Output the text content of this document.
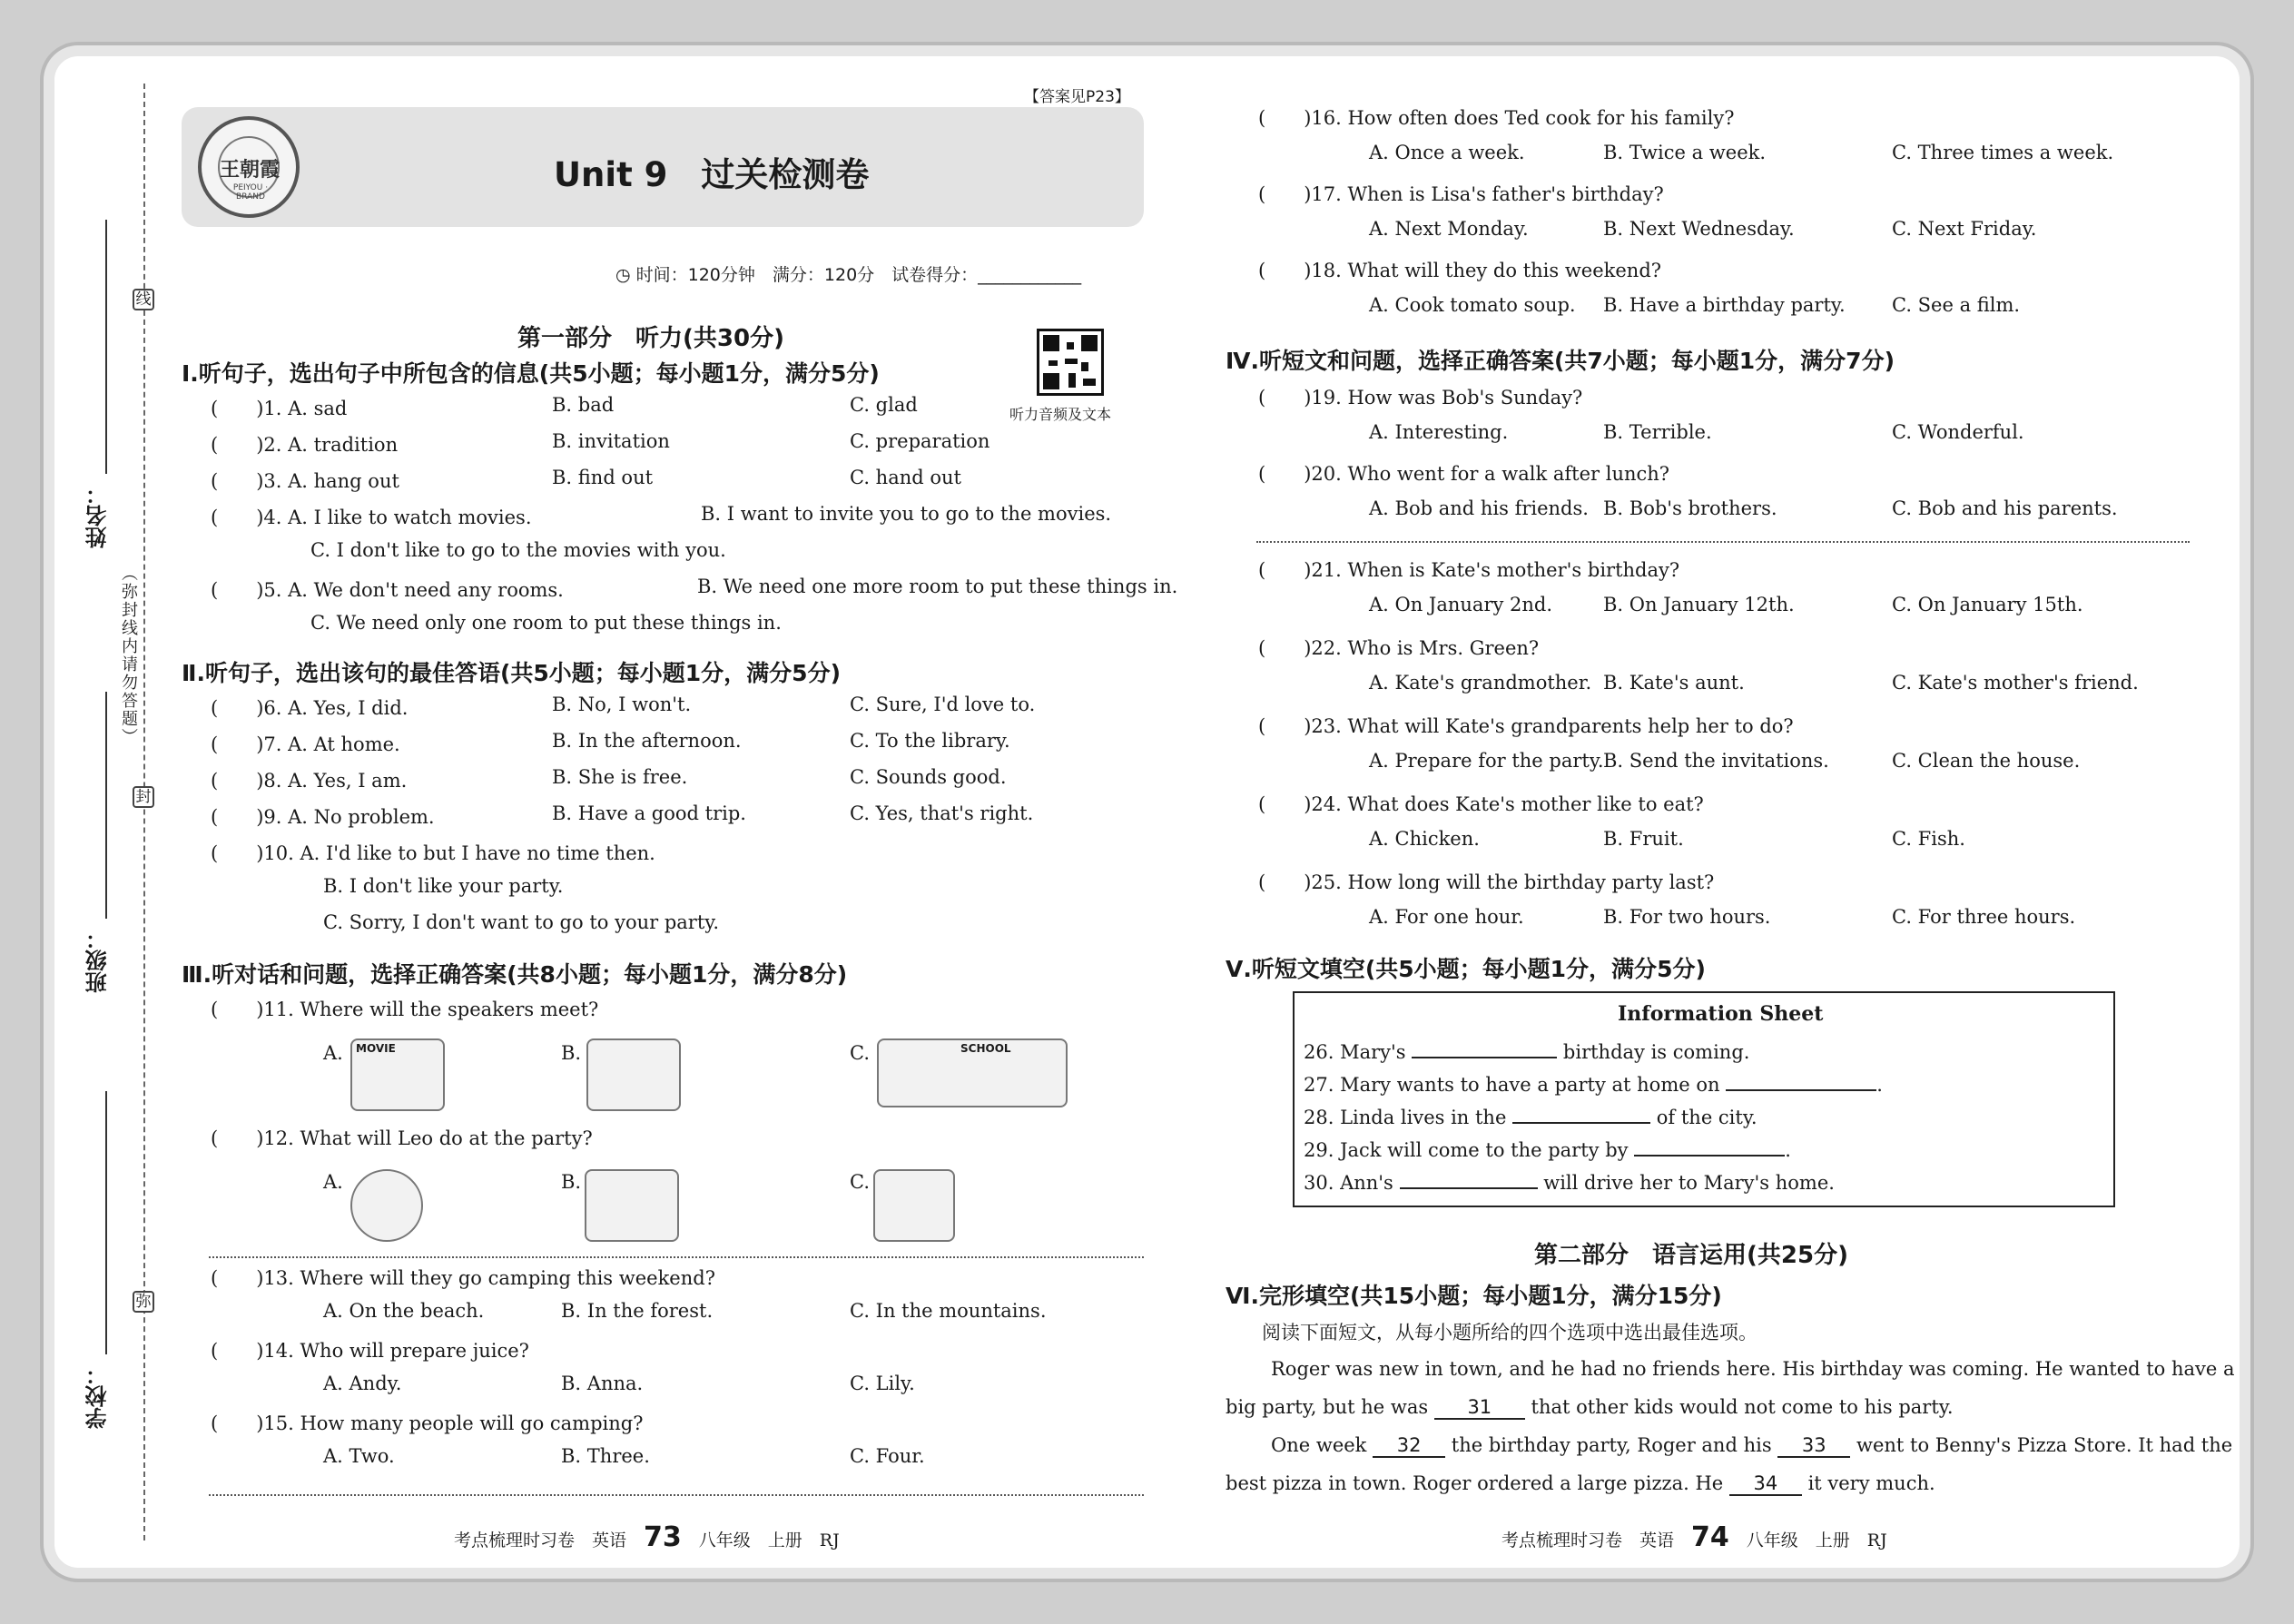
线
封
弥
（弥封线内请勿答题）
姓名：
班级：
学校：
【答案见P23】
王朝霞
PEIYOU · BRAND
Unit 9　过关检测卷
◷ 时间：120分钟　满分：120分　试卷得分：____________
第一部分　听力(共30分)
听力音频及文本
Ⅰ.听句子，选出句子中所包含的信息(共5小题；每小题1分，满分5分)
(　　)1. A. sad	B. bad	C. glad
(　　)2. A. tradition	B. invitation	C. preparation
(　　)3. A. hang out	B. find out	C. hand out
(　　)4. A. I like to watch movies.	B. I want to invite you to go to the movies.
C. I don't like to go to the movies with you.
(　　)5. A. We don't need any rooms.	B. We need one more room to put these things in.
C. We need only one room to put these things in.
Ⅱ.听句子，选出该句的最佳答语(共5小题；每小题1分，满分5分)
(　　)6. A. Yes, I did.	B. No, I won't.	C. Sure, I'd love to.
(　　)7. A. At home.	B. In the afternoon.	C. To the library.
(　　)8. A. Yes, I am.	B. She is free.	C. Sounds good.
(　　)9. A. No problem.	B. Have a good trip.	C. Yes, that's right.
(　　)10. A. I'd like to but I have no time then.
B. I don't like your party.
C. Sorry, I don't want to go to your party.
Ⅲ.听对话和问题，选择正确答案(共8小题；每小题1分，满分8分)
(　　)11. Where will the speakers meet?
A. MOVIE	B.	C.	SCHOOL
(　　)12. What will Leo do at the party?
A.	B.	C.
(　　)13. Where will they go camping this weekend?
A. On the beach.	B. In the forest.	C. In the mountains.
(　　)14. Who will prepare juice?
A. Andy.	B. Anna.	C. Lily.
(　　)15. How many people will go camping?
A. Two.	B. Three.	C. Four.
考点梳理时习卷　英语　 73　 八年级　上册　RJ
(　　)16. How often does Ted cook for his family?
A. Once a week.	B. Twice a week.	C. Three times a week.
(　　)17. When is Lisa's father's birthday?
A. Next Monday.	B. Next Wednesday.	C. Next Friday.
(　　)18. What will they do this weekend?
A. Cook tomato soup. B. Have a birthday party. C. See a film.
Ⅳ.听短文和问题，选择正确答案(共7小题；每小题1分，满分7分)
(　　)19. How was Bob's Sunday?
A. Interesting.	B. Terrible.	C. Wonderful.
(　　)20. Who went for a walk after lunch?
A. Bob and his friends. B. Bob's brothers.	C. Bob and his parents.
(　　)21. When is Kate's mother's birthday?
A. On January 2nd.	B. On January 12th.	C. On January 15th.
(　　)22. Who is Mrs. Green?
A. Kate's grandmother. B. Kate's aunt.	C. Kate's mother's friend.
(　　)23. What will Kate's grandparents help her to do?
A. Prepare for the party. B. Send the invitations.	C. Clean the house.
(　　)24. What does Kate's mother like to eat?
A. Chicken.	B. Fruit.	C. Fish.
(　　)25. How long will the birthday party last?
A. For one hour.	B. For two hours.	C. For three hours.
Ⅴ.听短文填空(共5小题；每小题1分，满分5分)
Information Sheet
26. Mary's	birthday is coming.
27. Mary wants to have a party at home on	.
28. Linda lives in the	of the city.
29. Jack will come to the party by	.
30. Ann's	will drive her to Mary's home.
第二部分　语言运用(共25分)
Ⅵ.完形填空(共15小题；每小题1分，满分15分)
阅读下面短文，从每小题所给的四个选项中选出最佳选项。
Roger was new in town, and he had no friends here. His birthday was coming. He wanted to have a
big party, but he was 31 that other kids would not come to his party.
One week 32 the birthday party, Roger and his 33 went to Benny's Pizza Store. It had the
best pizza in town. Roger ordered a large pizza. He 34 it very much.
考点梳理时习卷　英语　 74　 八年级　上册　RJ
